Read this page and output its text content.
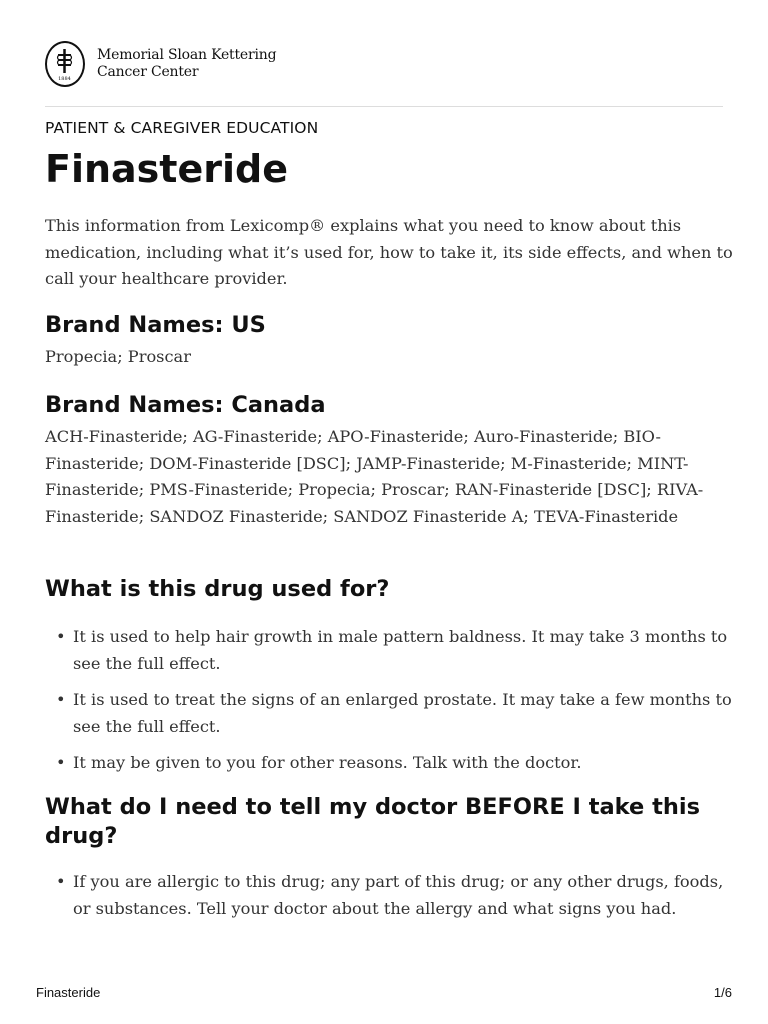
1884
Memorial Sloan Kettering
Cancer Center
PATIENT & CAREGIVER EDUCATION
Finasteride

This information from Lexicomp® explains what you need to know about this medication, including what it’s used for, how to take it, its side effects, and when to call your healthcare provider.

Brand Names: US

Propecia; Proscar

Brand Names: Canada

ACH-Finasteride; AG-Finasteride; APO-Finasteride; Auro-Finasteride; BIO-Finasteride; DOM-Finasteride [DSC]; JAMP-Finasteride; M-Finasteride; MINT-Finasteride; PMS-Finasteride; Propecia; Proscar; RAN-Finasteride [DSC]; RIVA-Finasteride; SANDOZ Finasteride; SANDOZ Finasteride A; TEVA-Finasteride

What is this drug used for?
• It is used to help hair growth in male pattern baldness. It may take 3 months to see the full effect.
• It is used to treat the signs of an enlarged prostate. It may take a few months to see the full effect.
• It may be given to you for other reasons. Talk with the doctor.
What do I need to tell my doctor BEFORE I take this drug?
• If you are allergic to this drug; any part of this drug; or any other drugs, foods, or substances. Tell your doctor about the allergy and what signs you had.
Finasteride	1/6
